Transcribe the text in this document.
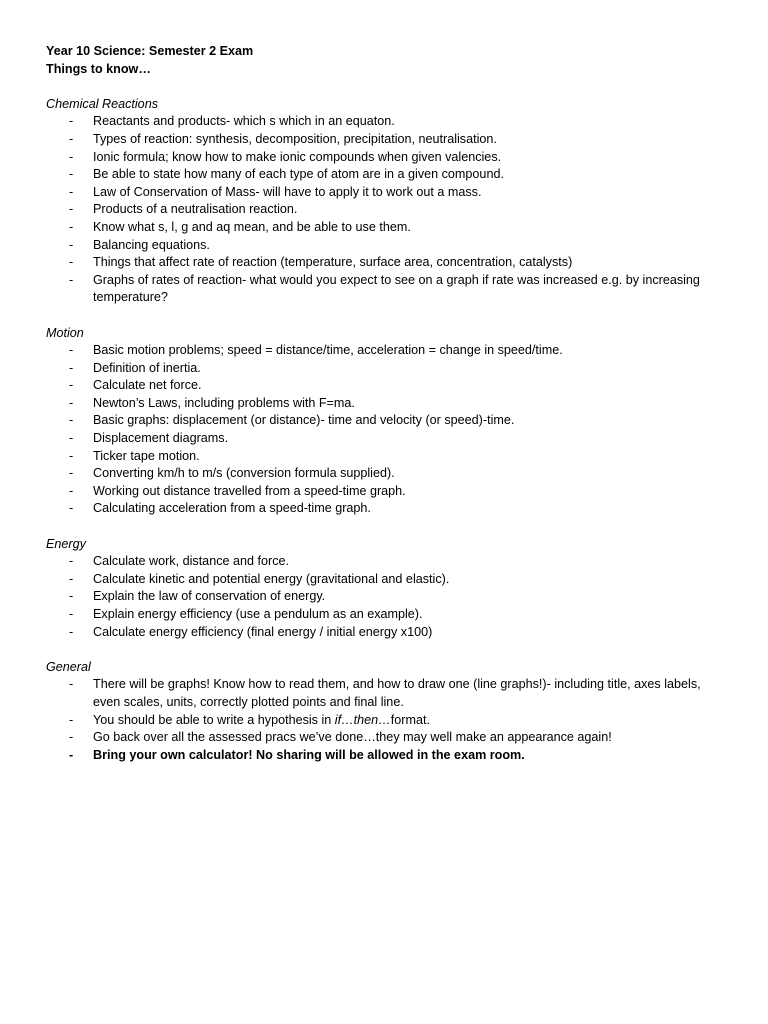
Year 10 Science: Semester 2 Exam
Things to know…
Chemical Reactions
- Reactants and products- which s which in an equaton.
- Types of reaction: synthesis, decomposition, precipitation, neutralisation.
- Ionic formula; know how to make ionic compounds when given valencies.
- Be able to state how many of each type of atom are in a given compound.
- Law of Conservation of Mass- will have to apply it to work out a mass.
- Products of a neutralisation reaction.
- Know what s, l, g and aq mean, and be able to use them.
- Balancing equations.
- Things that affect rate of reaction (temperature, surface area, concentration, catalysts)
- Graphs of rates of reaction- what would you expect to see on a graph if rate was increased e.g. by increasing temperature?
Motion
- Basic motion problems; speed = distance/time, acceleration = change in speed/time.
- Definition of inertia.
- Calculate net force.
- Newton’s Laws, including problems with F=ma.
- Basic graphs: displacement (or distance)- time and velocity (or speed)-time.
- Displacement diagrams.
- Ticker tape motion.
- Converting km/h to m/s (conversion formula supplied).
- Working out distance travelled from a speed-time graph.
- Calculating acceleration from a speed-time graph.
Energy
- Calculate work, distance and force.
- Calculate kinetic and potential energy (gravitational and elastic).
- Explain the law of conservation of energy.
- Explain energy efficiency (use a pendulum as an example).
- Calculate energy efficiency (final energy / initial energy x100)
General
- There will be graphs! Know how to read them, and how to draw one (line graphs!)- including title, axes labels, even scales, units, correctly plotted points and final line.
- You should be able to write a hypothesis in if…then…format.
- Go back over all the assessed pracs we’ve done…they may well make an appearance again!
- Bring your own calculator! No sharing will be allowed in the exam room.
